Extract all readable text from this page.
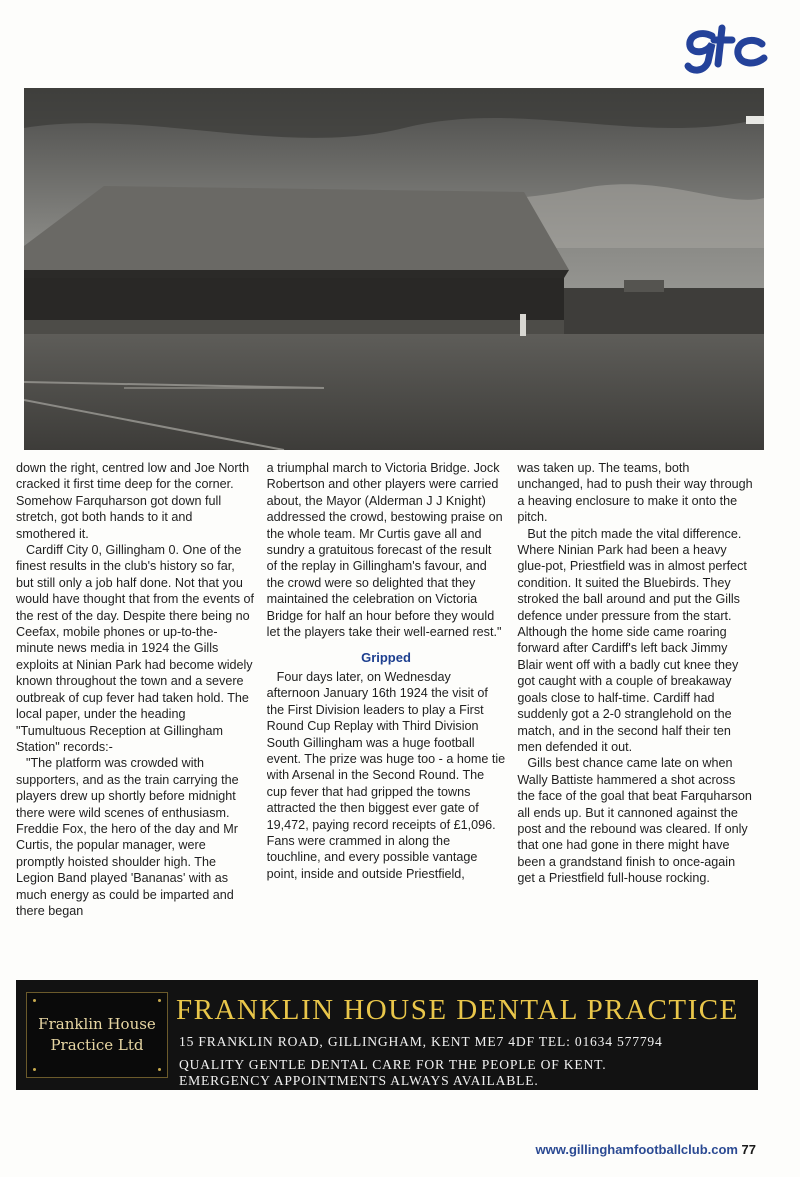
down the right, centred low and Joe North cracked it first time deep for the corner. Somehow Farquharson got down full stretch, got both hands to it and smothered it.

Cardiff City 0, Gillingham 0. One of the finest results in the club's history so far, but still only a job half done. Not that you would have thought that from the events of the rest of the day. Despite there being no Ceefax, mobile phones or up-to-the-minute news media in 1924 the Gills exploits at Ninian Park had become widely known throughout the town and a severe outbreak of cup fever had taken hold. The local paper, under the heading "Tumultuous Reception at Gillingham Station" records:-

"The platform was crowded with supporters, and as the train carrying the players drew up shortly before midnight there were wild scenes of enthusiasm. Freddie Fox, the hero of the day and Mr Curtis, the popular manager, were promptly hoisted shoulder high. The Legion Band played 'Bananas' with as much energy as could be imparted and there began

a triumphal march to Victoria Bridge. Jock Robertson and other players were carried about, the Mayor (Alderman J J Knight) addressed the crowd, bestowing praise on the whole team. Mr Curtis gave all and sundry a gratuitous forecast of the result of the replay in Gillingham's favour, and the crowd were so delighted that they maintained the celebration on Victoria Bridge for half an hour before they would let the players take their well-earned rest."

Gripped

Four days later, on Wednesday afternoon January 16th 1924 the visit of the First Division leaders to play a First Round Cup Replay with Third Division South Gillingham was a huge football event. The prize was huge too - a home tie with Arsenal in the Second Round. The cup fever that had gripped the towns attracted the then biggest ever gate of 19,472, paying record receipts of £1,096. Fans were crammed in along the touchline, and every possible vantage point, inside and outside Priestfield,

was taken up. The teams, both unchanged, had to push their way through a heaving enclosure to make it onto the pitch.

But the pitch made the vital difference. Where Ninian Park had been a heavy glue-pot, Priestfield was in almost perfect condition. It suited the Bluebirds. They stroked the ball around and put the Gills defence under pressure from the start. Although the home side came roaring forward after Cardiff's left back Jimmy Blair went off with a badly cut knee they got caught with a couple of breakaway goals close to half-time. Cardiff had suddenly got a 2-0 stranglehold on the match, and in the second half their ten men defended it out.

Gills best chance came late on when Wally Battiste hammered a shot across the face of the goal that beat Farquharson all ends up. But it cannoned against the post and the rebound was cleared. If only that one had gone in there might have been a grandstand finish to once-again get a Priestfield full-house rocking.

Franklin House
Practice Ltd
FRANKLIN HOUSE DENTAL PRACTICE
15 FRANKLIN ROAD, GILLINGHAM, KENT ME7 4DF TEL: 01634 577794
QUALITY GENTLE DENTAL CARE FOR THE PEOPLE OF KENT.
EMERGENCY APPOINTMENTS ALWAYS AVAILABLE.
www.gillinghamfootballclub.com 77
